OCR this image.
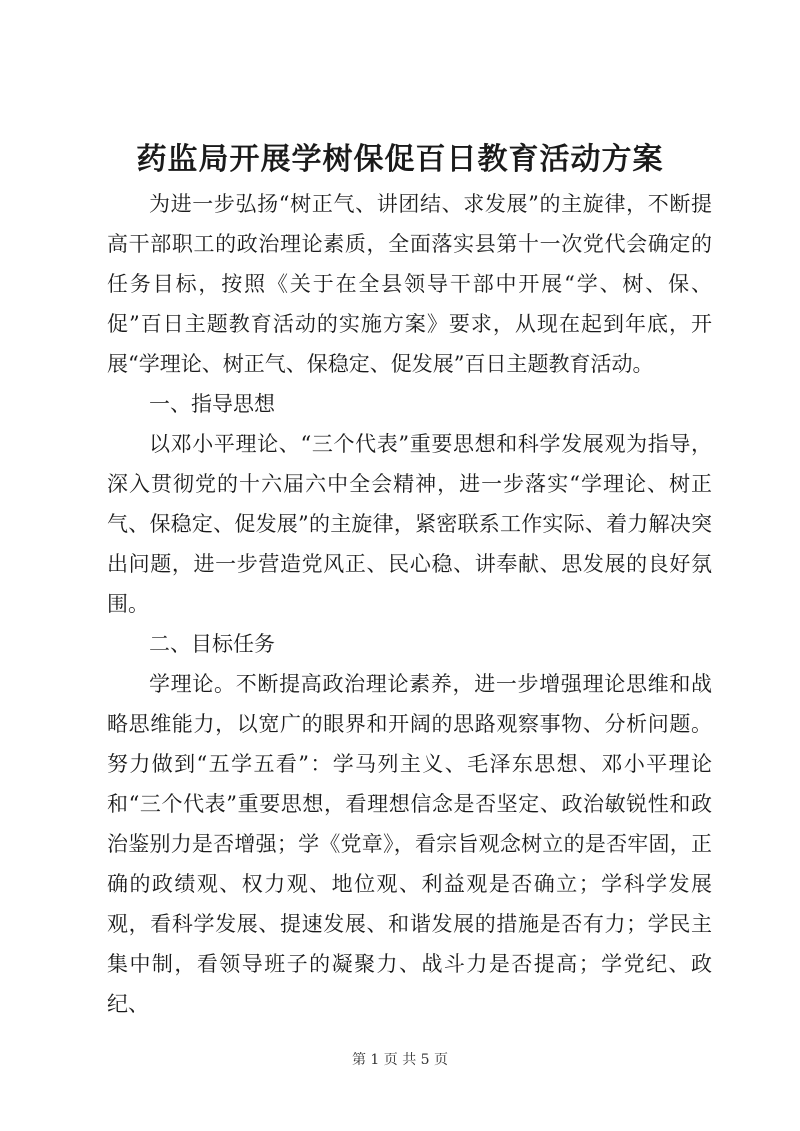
药监局开展学树保促百日教育活动方案

为进一步弘扬“树正气、讲团结、求发展”的主旋律，不断提高干部职工的政治理论素质，全面落实县第十一次党代会确定的任务目标，按照《关于在全县领导干部中开展“学、树、保、促”百日主题教育活动的实施方案》要求，从现在起到年底，开展“学理论、树正气、保稳定、促发展”百日主题教育活动。

一、指导思想

以邓小平理论、“三个代表”重要思想和科学发展观为指导，深入贯彻党的十六届六中全会精神，进一步落实“学理论、树正气、保稳定、促发展”的主旋律，紧密联系工作实际、着力解决突出问题，进一步营造党风正、民心稳、讲奉献、思发展的良好氛围。

二、目标任务

学理论。不断提高政治理论素养，进一步增强理论思维和战略思维能力，以宽广的眼界和开阔的思路观察事物、分析问题。努力做到“五学五看”：学马列主义、毛泽东思想、邓小平理论和“三个代表”重要思想，看理想信念是否坚定、政治敏锐性和政治鉴别力是否增强；学《党章》，看宗旨观念树立的是否牢固，正确的政绩观、权力观、地位观、利益观是否确立；学科学发展观，看科学发展、提速发展、和谐发展的措施是否有力；学民主集中制，看领导班子的凝聚力、战斗力是否提高；学党纪、政纪、

第 1 页 共 5 页
